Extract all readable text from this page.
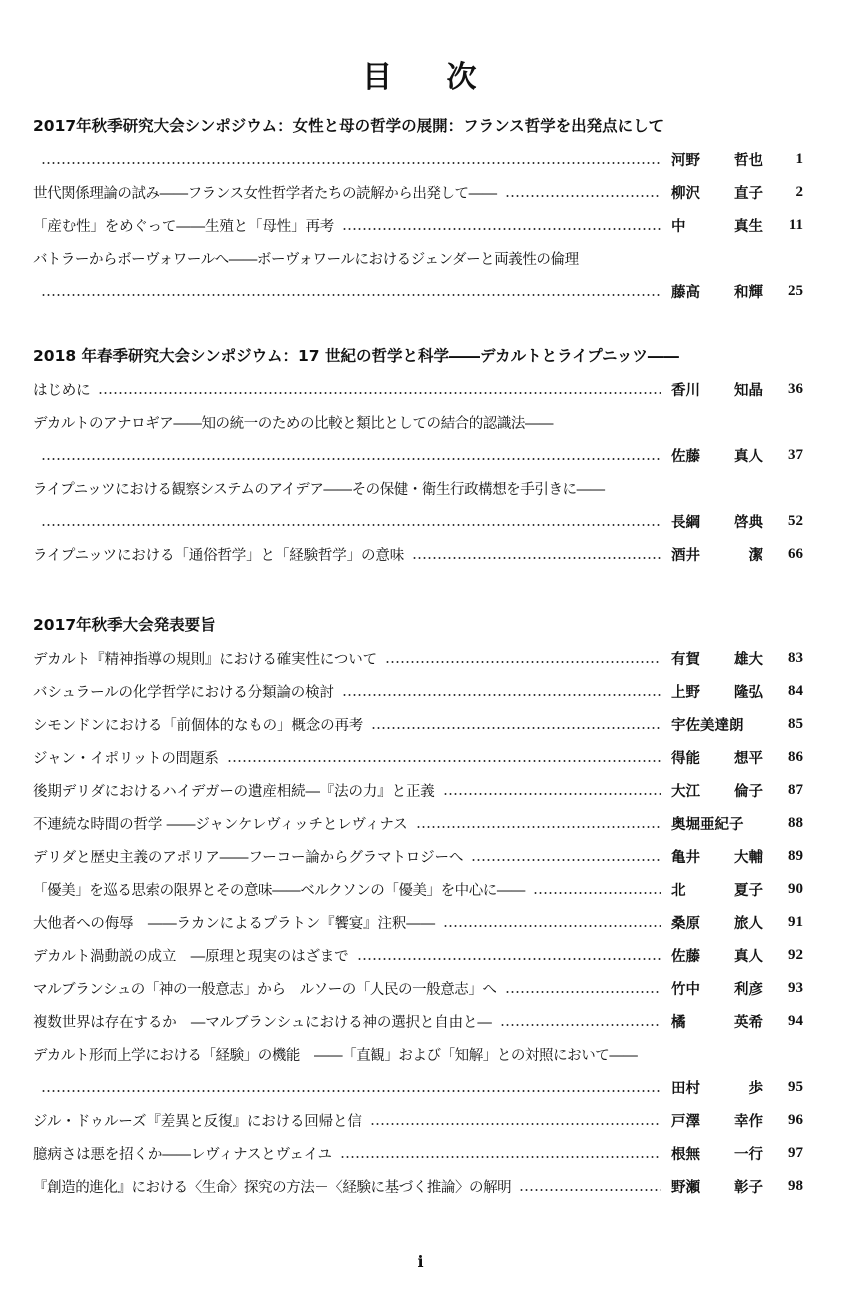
目 次
2017年秋季研究大会シンポジウム：女性と母の哲学の展開：フランス哲学を出発点にして
河野 哲也	1
世代関係理論の試み――フランス女性哲学者たちの読解から出発して――	柳沢 直子	2
「産む性」をめぐって――生殖と「母性」再考	中	真生	11
バトラーからボーヴォワールへ――ボーヴォワールにおけるジェンダーと両義性の倫理
藤高 和輝	25
2018 年春季研究大会シンポジウム：17 世紀の哲学と科学――デカルトとライプニッツ――
はじめに	香川 知晶	36
デカルトのアナロギア――知の統一のための比較と類比としての結合的認識法――
佐藤 真人	37
ライプニッツにおける観察システムのアイデア――その保健・衛生行政構想を手引きに――
長綱 啓典	52
ライプニッツにおける「通俗哲学」と「経験哲学」の意味	酒井	潔	66
2017年秋季大会発表要旨
デカルト『精神指導の規則』における確実性について	有賀 雄大	83
バシュラールの化学哲学における分類論の検討	上野 隆弘	84
シモンドンにおける「前個体的なもの」概念の再考	宇佐美達朗	85
ジャン・イポリットの問題系	得能 想平	86
後期デリダにおけるハイデガーの遺産相続―『法の力』と正義	大江 倫子	87
不連続な時間の哲学 ――ジャンケレヴィッチとレヴィナス	奥堀亜紀子	88
デリダと歴史主義のアポリア――フーコー論からグラマトロジーへ	亀井 大輔	89
「優美」を巡る思索の限界とその意味――ベルクソンの「優美」を中心に――	北	夏子	90
大他者への侮辱　――ラカンによるプラトン『饗宴』注釈――	桑原 旅人	91
デカルト渦動説の成立　―原理と現実のはざまで	佐藤 真人	92
マルブランシュの「神の一般意志」から　ルソーの「人民の一般意志」へ	竹中 利彦	93
複数世界は存在するか　―マルブランシュにおける神の選択と自由と―	橘	英希	94
デカルト形而上学における「経験」の機能　――「直観」および「知解」との対照において――
田村	歩	95
ジル・ドゥルーズ『差異と反復』における回帰と信	戸澤 幸作	96
臆病さは悪を招くか――レヴィナスとヴェイユ	根無 一行	97
『創造的進化』における〈生命〉探究の方法－〈経験に基づく推論〉の解明	野瀬 彰子	98
i
